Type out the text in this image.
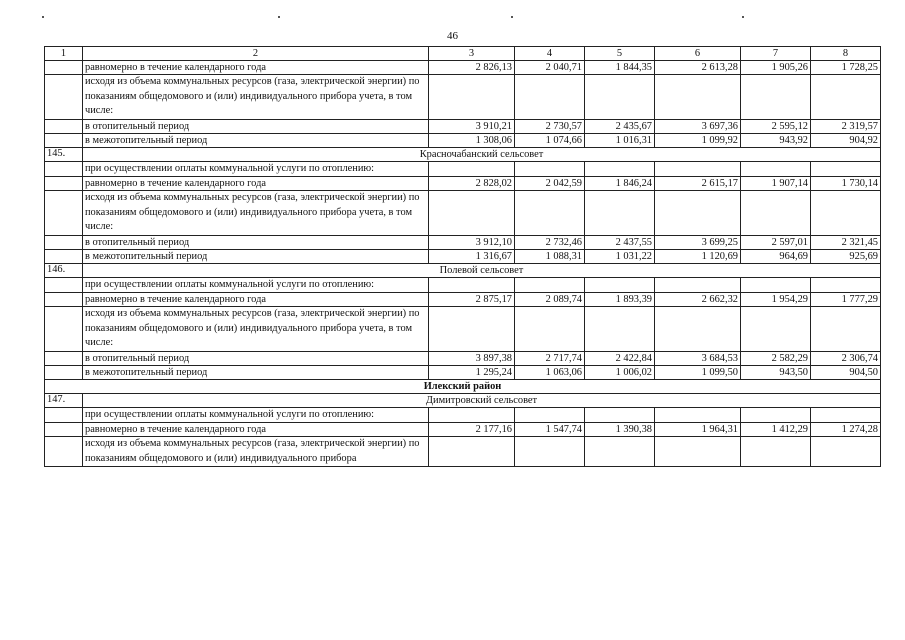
46
1	2	3	4	5	6	7	8
	равномерно в течение календарного года	2 826,13	2 040,71	1 844,35	2 613,28	1 905,26	1 728,25
	исходя из объема коммунальных ресурсов (газа, электрической энергии) по показаниям общедомового и (или) индивидуального прибора учета, в том числе:						
	в отопительный период	3 910,21	2 730,57	2 435,67	3 697,36	2 595,12	2 319,57
	в межотопительный период	1 308,06	1 074,66	1 016,31	1 099,92	943,92	904,92
145.	Красночабанский сельсовет						
	при осуществлении оплаты коммунальной услуги по отоплению:						
	равномерно в течение календарного года	2 828,02	2 042,59	1 846,24	2 615,17	1 907,14	1 730,14
	исходя из объема коммунальных ресурсов (газа, электрической энергии) по показаниям общедомового и (или) индивидуального прибора учета, в том числе:						
	в отопительный период	3 912,10	2 732,46	2 437,55	3 699,25	2 597,01	2 321,45
	в межотопительный период	1 316,67	1 088,31	1 031,22	1 120,69	964,69	925,69
146.	Полевой сельсовет						
	при осуществлении оплаты коммунальной услуги по отоплению:						
	равномерно в течение календарного года	2 875,17	2 089,74	1 893,39	2 662,32	1 954,29	1 777,29
	исходя из объема коммунальных ресурсов (газа, электрической энергии) по показаниям общедомового и (или) индивидуального прибора учета, в том числе:						
	в отопительный период	3 897,38	2 717,74	2 422,84	3 684,53	2 582,29	2 306,74
	в межотопительный период	1 295,24	1 063,06	1 006,02	1 099,50	943,50	904,50
Илекский район							
147.	Димитровский сельсовет						
	при осуществлении оплаты коммунальной услуги по отоплению:						
	равномерно в течение календарного года	2 177,16	1 547,74	1 390,38	1 964,31	1 412,29	1 274,28
	исходя из объема коммунальных ресурсов (газа, электрической энергии) по показаниям общедомового и (или) индивидуального прибора						
